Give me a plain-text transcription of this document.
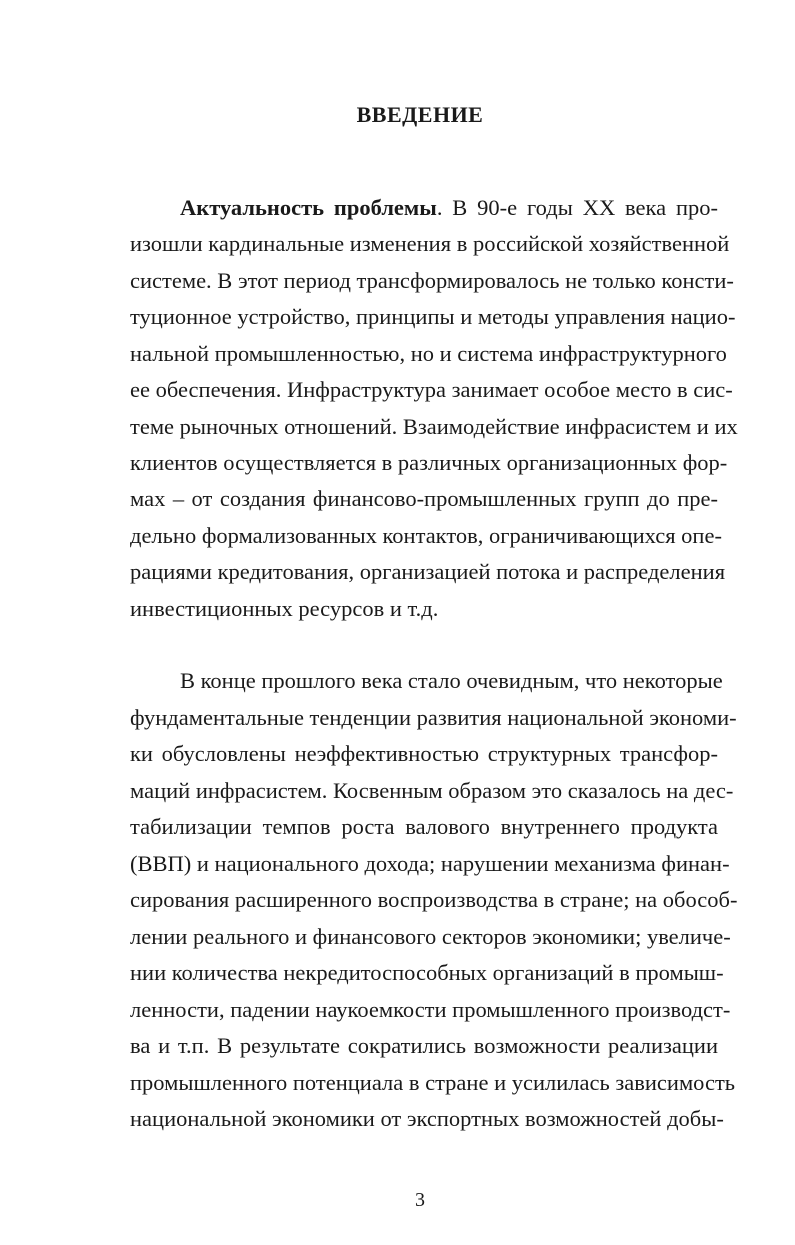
ВВЕДЕНИЕ
Актуальность проблемы. В 90-е годы XX века про-
изошли кардинальные изменения в российской хозяйственной
системе. В этот период трансформировалось не только консти-
туционное устройство, принципы и методы управления нацио-
нальной промышленностью, но и система инфраструктурного
ее обеспечения. Инфраструктура занимает особое место в сис-
теме рыночных отношений. Взаимодействие инфрасистем и их
клиентов осуществляется в различных организационных фор-
мах – от создания финансово-промышленных групп до пре-
дельно формализованных контактов, ограничивающихся опе-
рациями кредитования, организацией потока и распределения
инвестиционных ресурсов и т.д.
В конце прошлого века стало очевидным, что некоторые
фундаментальные тенденции развития национальной экономи-
ки обусловлены неэффективностью структурных трансфор-
маций инфрасистем. Косвенным образом это сказалось на дес-
табилизации темпов роста валового внутреннего продукта
(ВВП) и национального дохода; нарушении механизма финан-
сирования расширенного воспроизводства в стране; на обособ-
лении реального и финансового секторов экономики; увеличе-
нии количества некредитоспособных организаций в промыш-
ленности, падении наукоемкости промышленного производст-
ва и т.п. В результате сократились возможности реализации
промышленного потенциала в стране и усилилась зависимость
национальной экономики от экспортных возможностей добы-
3
